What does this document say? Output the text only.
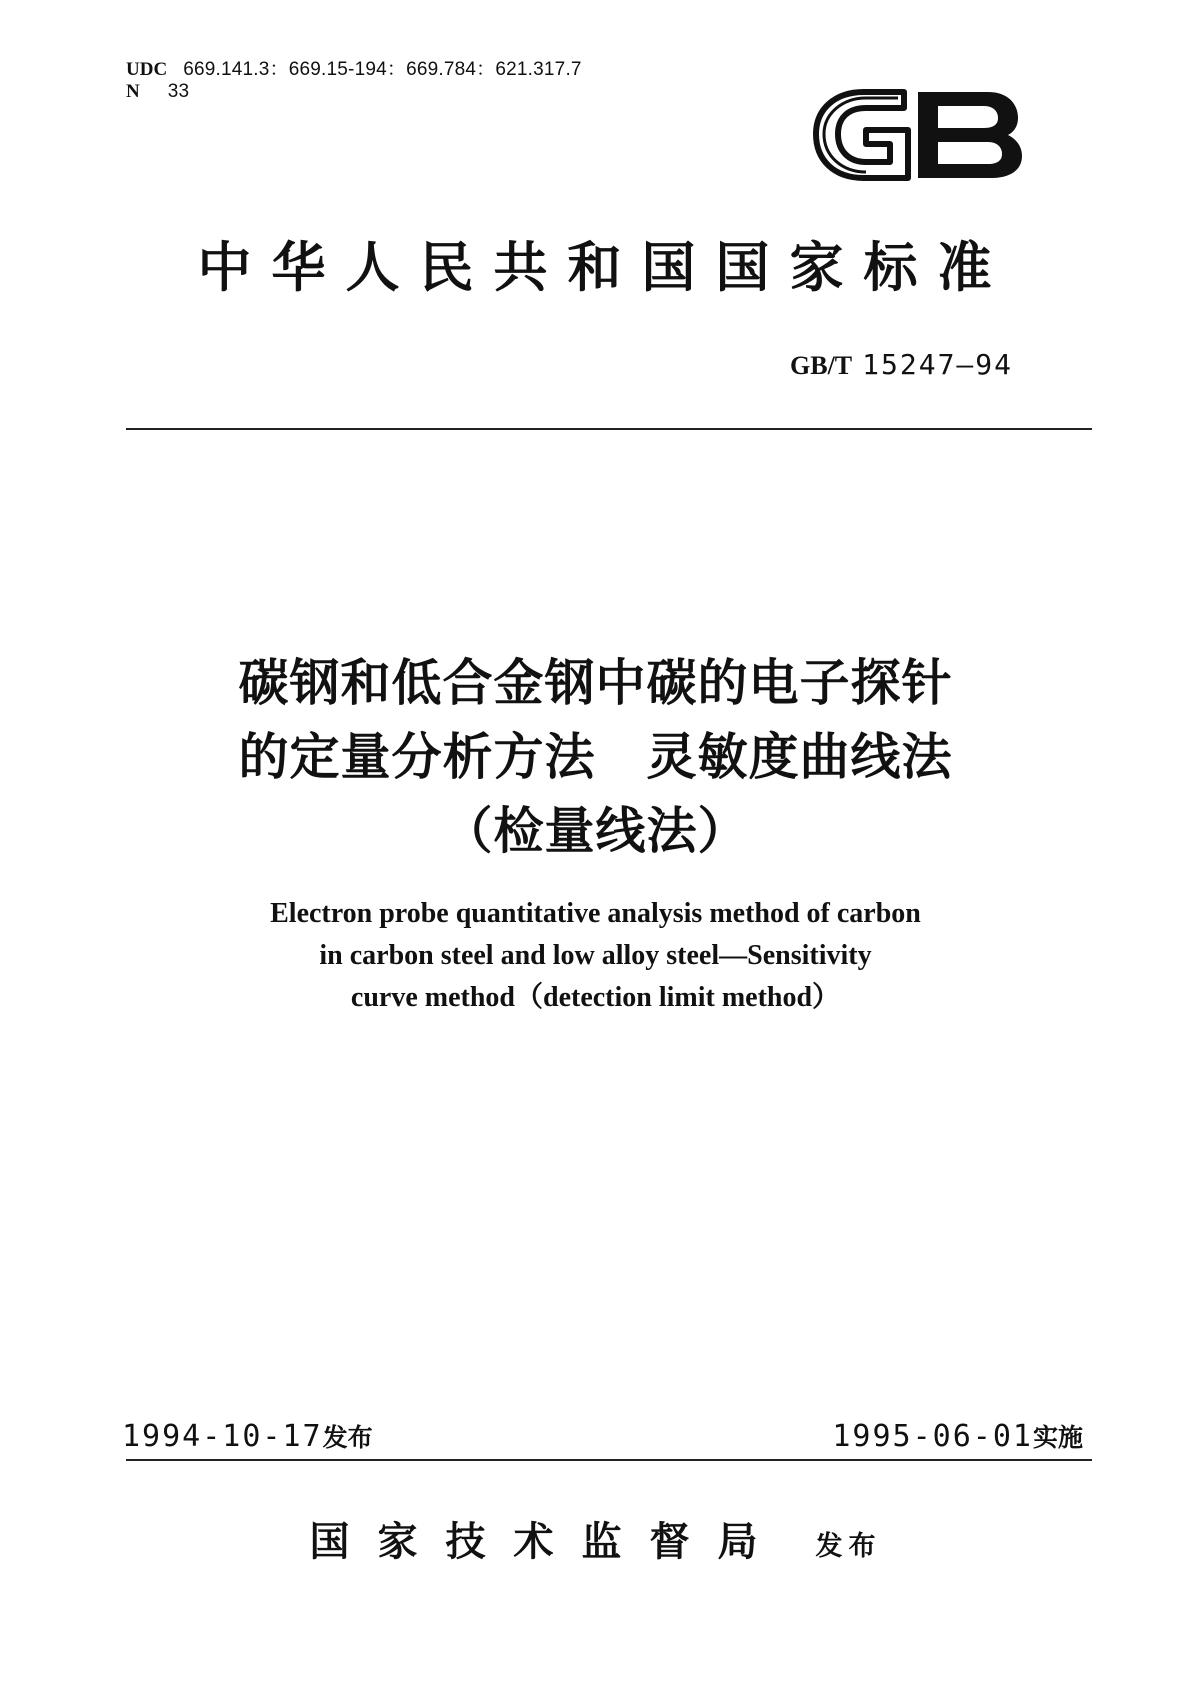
UDC 669.141.3：669.15-194：669.784：621.317.7
N 33
中华人民共和国国家标准
GB/T 15247—94
碳钢和低合金钢中碳的电子探针
的定量分析方法　灵敏度曲线法
（检量线法）
Electron probe quantitative analysis method of carbon
in carbon steel and low alloy steel—Sensitivity
curve method（detection limit method）
1994-10-17发布	1995-06-01实施
国家技术监督局 发布
